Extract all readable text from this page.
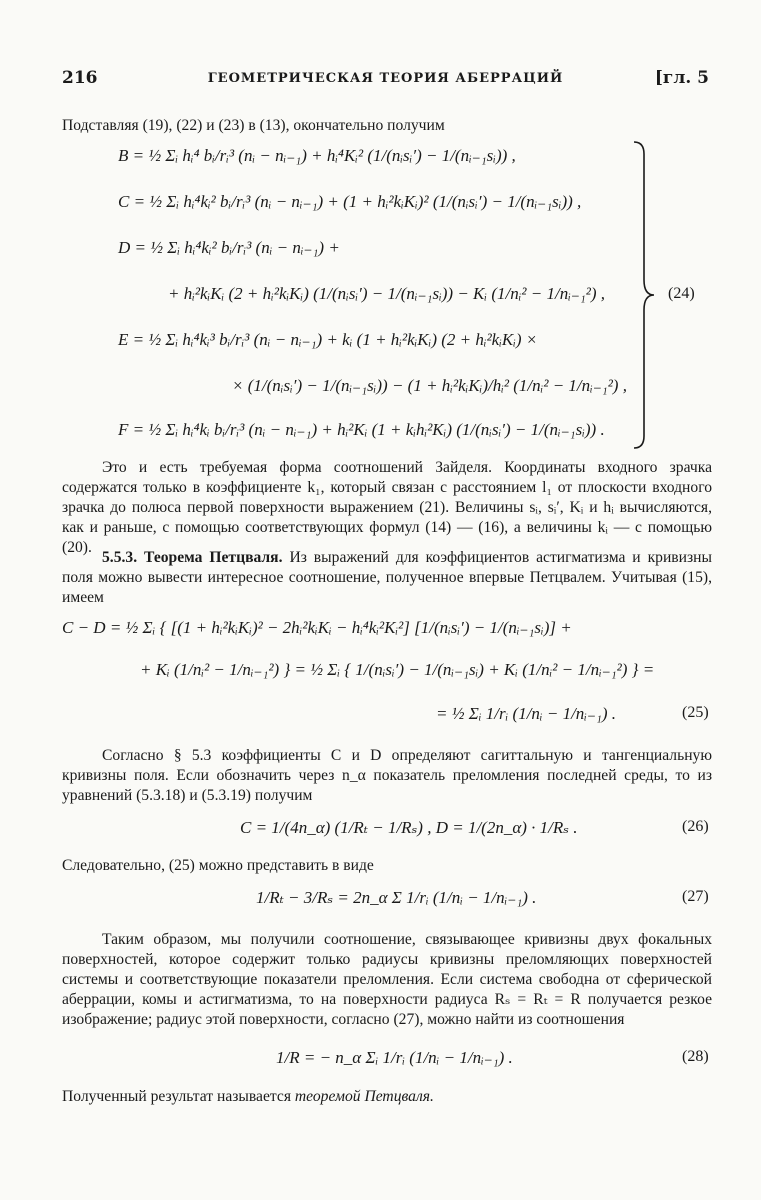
216	ГЕОМЕТРИЧЕСКАЯ ТЕОРИЯ АБЕРРАЦИЙ	[гл. 5
Подставляя (19), (22) и (23) в (13), окончательно получим
B = ½ Σᵢ hᵢ⁴ bᵢ/rᵢ³ (nᵢ − nᵢ₋₁) + hᵢ⁴Kᵢ² (1/(nᵢsᵢ′) − 1/(nᵢ₋₁sᵢ)) ,
C = ½ Σᵢ hᵢ⁴kᵢ² bᵢ/rᵢ³ (nᵢ − nᵢ₋₁) + (1 + hᵢ²kᵢKᵢ)² (1/(nᵢsᵢ′) − 1/(nᵢ₋₁sᵢ)) ,
D = ½ Σᵢ hᵢ⁴kᵢ² bᵢ/rᵢ³ (nᵢ − nᵢ₋₁) +
+ hᵢ²kᵢKᵢ (2 + hᵢ²kᵢKᵢ) (1/(nᵢsᵢ′) − 1/(nᵢ₋₁sᵢ)) − Kᵢ (1/nᵢ² − 1/nᵢ₋₁²) ,
E = ½ Σᵢ hᵢ⁴kᵢ³ bᵢ/rᵢ³ (nᵢ − nᵢ₋₁) + kᵢ (1 + hᵢ²kᵢKᵢ) (2 + hᵢ²kᵢKᵢ) ×
× (1/(nᵢsᵢ′) − 1/(nᵢ₋₁sᵢ)) − (1 + hᵢ²kᵢKᵢ)/hᵢ² (1/nᵢ² − 1/nᵢ₋₁²) ,
F = ½ Σᵢ hᵢ⁴kᵢ bᵢ/rᵢ³ (nᵢ − nᵢ₋₁) + hᵢ²Kᵢ (1 + kᵢhᵢ²Kᵢ) (1/(nᵢsᵢ′) − 1/(nᵢ₋₁sᵢ)) .
(24)
Это и есть требуемая форма соотношений Зайделя. Координаты входного зрачка содержатся только в коэффициенте k₁, который связан с расстоянием l₁ от плоскости входного зрачка до полюса первой поверхности выражением (21). Величины sᵢ, sᵢ′, Kᵢ и hᵢ вычисляются, как и раньше, с помощью соответствующих формул (14) — (16), а величины kᵢ — с помощью (20).
5.5.3. Теорема Петцваля. Из выражений для коэффициентов астигматизма и кривизны поля можно вывести интересное соотношение, полученное впервые Петцвалем. Учитывая (15), имеем
C − D = ½ Σᵢ { [(1 + hᵢ²kᵢKᵢ)² − 2hᵢ²kᵢKᵢ − hᵢ⁴kᵢ²Kᵢ²] [1/(nᵢsᵢ′) − 1/(nᵢ₋₁sᵢ)] +
+ Kᵢ (1/nᵢ² − 1/nᵢ₋₁²) } = ½ Σᵢ { 1/(nᵢsᵢ′) − 1/(nᵢ₋₁sᵢ) + Kᵢ (1/nᵢ² − 1/nᵢ₋₁²) } =
= ½ Σᵢ 1/rᵢ (1/nᵢ − 1/nᵢ₋₁) .	(25)
Согласно § 5.3 коэффициенты C и D определяют сагиттальную и тангенциальную кривизны поля. Если обозначить через n_α показатель преломления последней среды, то из уравнений (5.3.18) и (5.3.19) получим
C = 1/(4n_α) (1/Rₜ − 1/Rₛ) , D = 1/(2n_α) · 1/Rₛ .	(26)
Следовательно, (25) можно представить в виде
1/Rₜ − 3/Rₛ = 2n_α Σ 1/rᵢ (1/nᵢ − 1/nᵢ₋₁) .	(27)
Таким образом, мы получили соотношение, связывающее кривизны двух фокальных поверхностей, которое содержит только радиусы кривизны преломляющих поверхностей системы и соответствующие показатели преломления. Если система свободна от сферической аберрации, комы и астигматизма, то на поверхности радиуса Rₛ = Rₜ = R получается резкое изображение; радиус этой поверхности, согласно (27), можно найти из соотношения
1/R = − n_α Σᵢ 1/rᵢ (1/nᵢ − 1/nᵢ₋₁) .	(28)
Полученный результат называется теоремой Петцваля.
